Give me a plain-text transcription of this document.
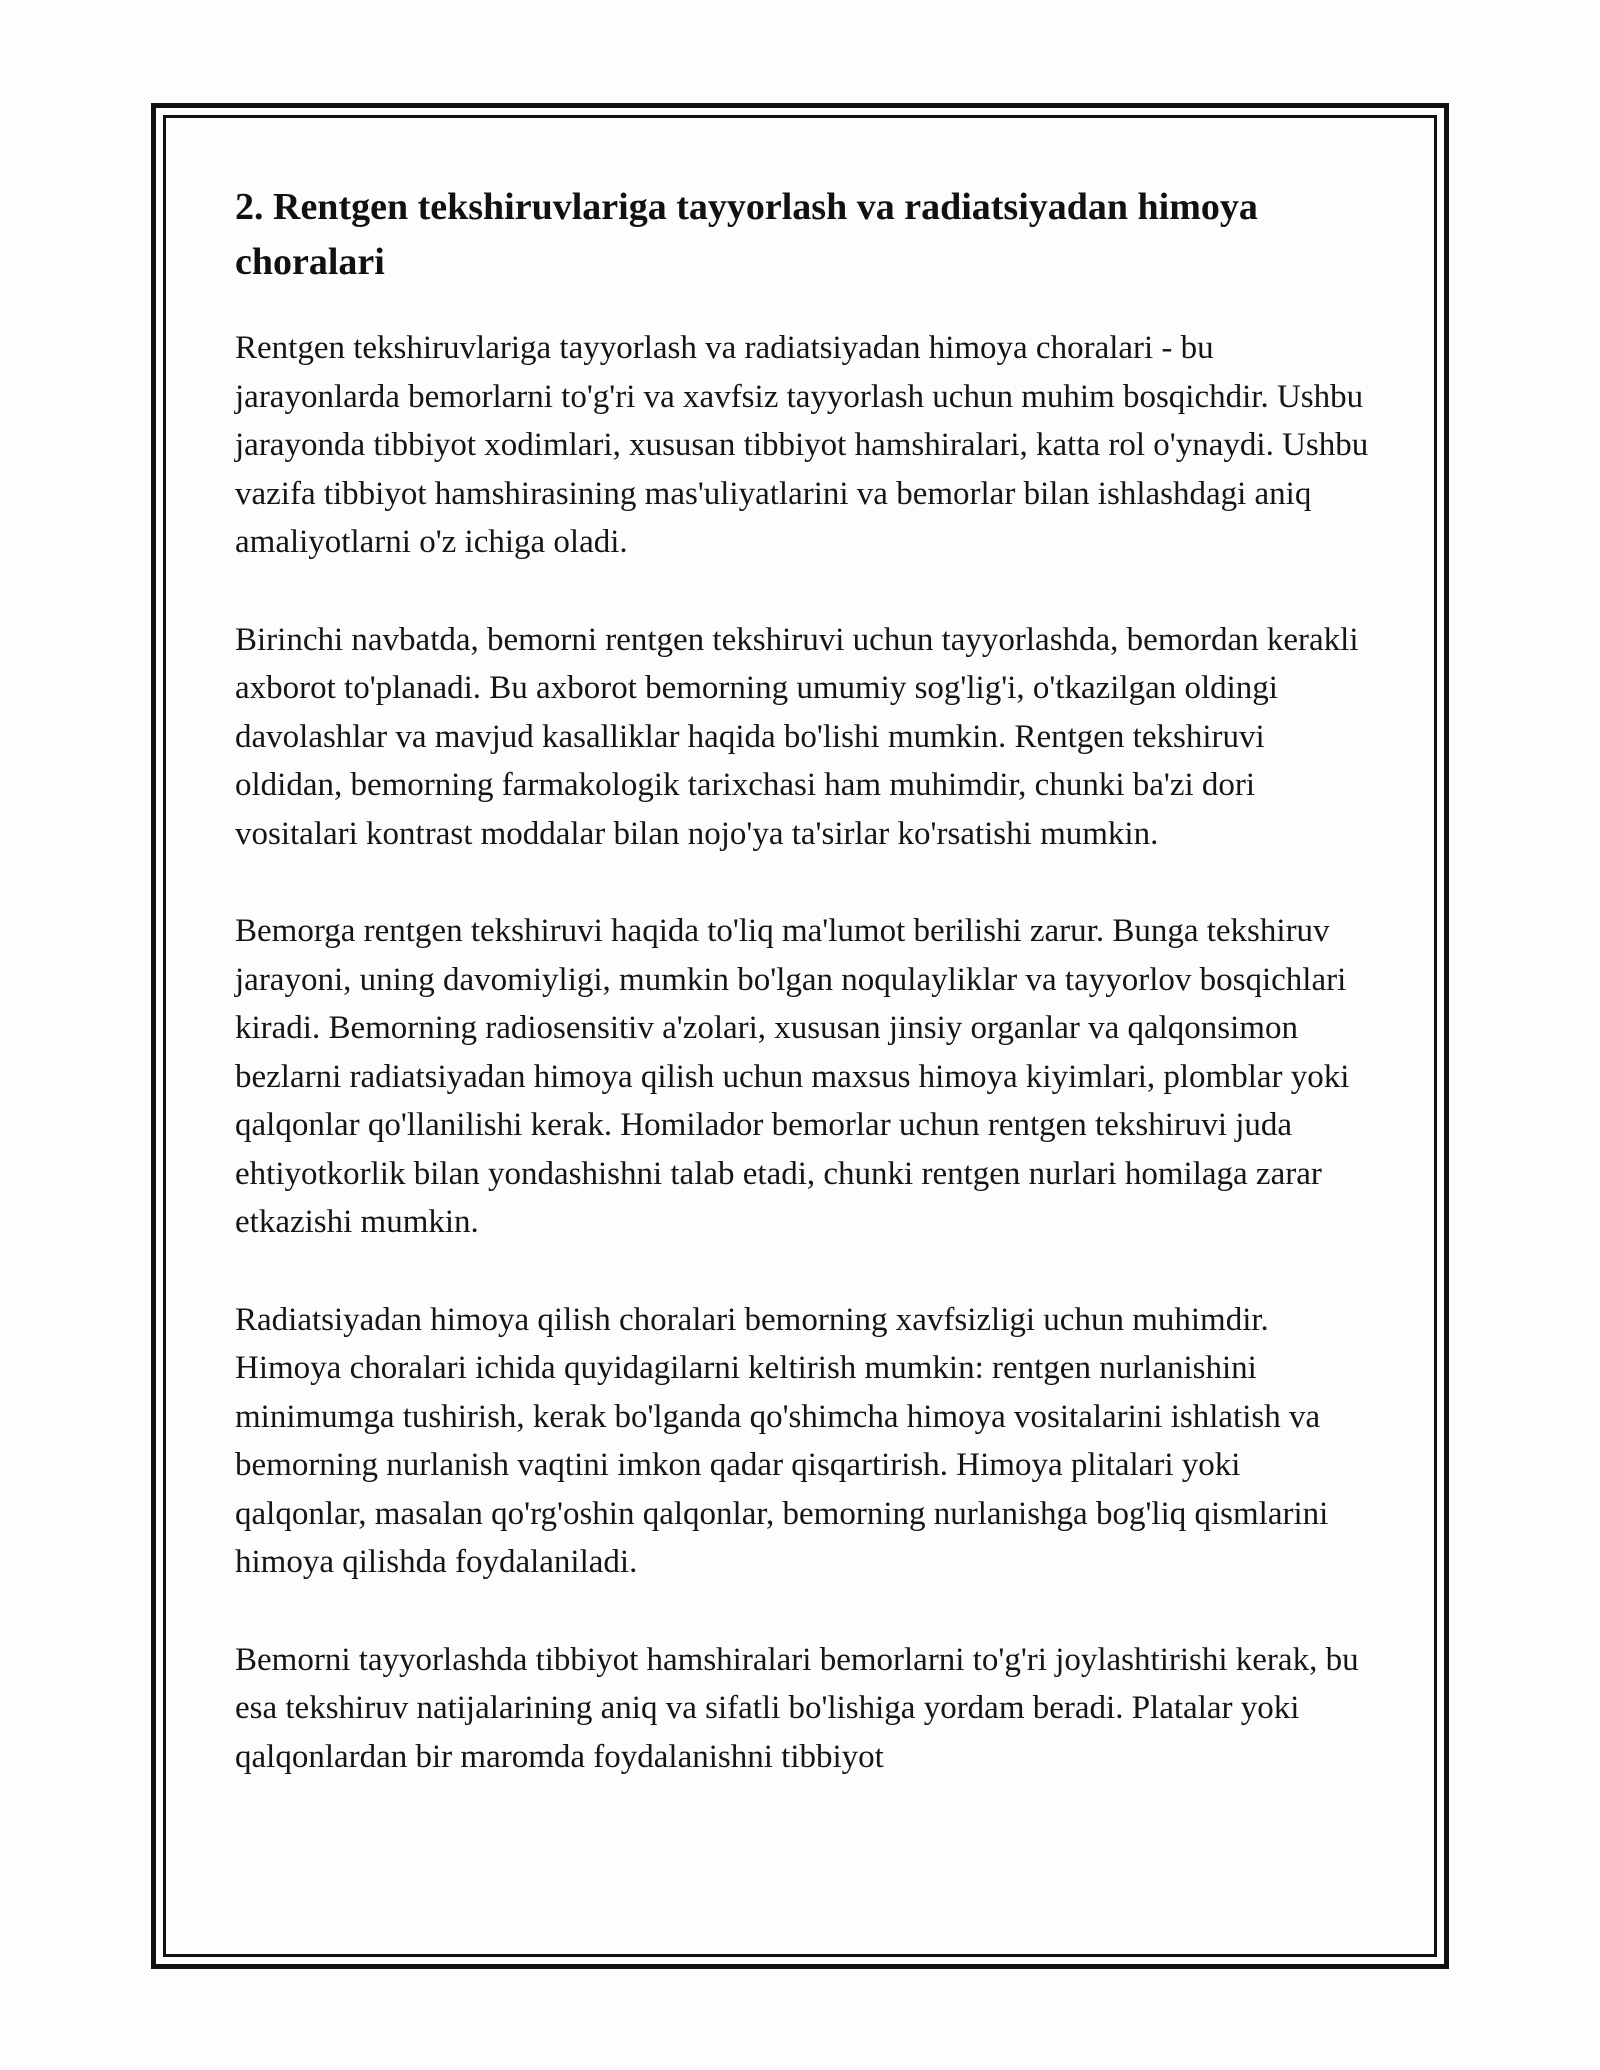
2. Rentgen tekshiruvlariga tayyorlash va radiatsiyadan himoya choralari

Rentgen tekshiruvlariga tayyorlash va radiatsiyadan himoya choralari - bu jarayonlarda bemorlarni to'g'ri va xavfsiz tayyorlash uchun muhim bosqichdir. Ushbu jarayonda tibbiyot xodimlari, xususan tibbiyot hamshiralari, katta rol o'ynaydi. Ushbu vazifa tibbiyot hamshirasining mas'uliyatlarini va bemorlar bilan ishlashdagi aniq amaliyotlarni o'z ichiga oladi.

Birinchi navbatda, bemorni rentgen tekshiruvi uchun tayyorlashda, bemordan kerakli axborot to'planadi. Bu axborot bemorning umumiy sog'lig'i, o'tkazilgan oldingi davolashlar va mavjud kasalliklar haqida bo'lishi mumkin. Rentgen tekshiruvi oldidan, bemorning farmakologik tarixchasi ham muhimdir, chunki ba'zi dori vositalari kontrast moddalar bilan nojo'ya ta'sirlar ko'rsatishi mumkin.

Bemorga rentgen tekshiruvi haqida to'liq ma'lumot berilishi zarur. Bunga tekshiruv jarayoni, uning davomiyligi, mumkin bo'lgan noqulayliklar va tayyorlov bosqichlari kiradi. Bemorning radiosensitiv a'zolari, xususan jinsiy organlar va qalqonsimon bezlarni radiatsiyadan himoya qilish uchun maxsus himoya kiyimlari, plomblar yoki qalqonlar qo'llanilishi kerak. Homilador bemorlar uchun rentgen tekshiruvi juda ehtiyotkorlik bilan yondashishni talab etadi, chunki rentgen nurlari homilaga zarar etkazishi mumkin.

Radiatsiyadan himoya qilish choralari bemorning xavfsizligi uchun muhimdir. Himoya choralari ichida quyidagilarni keltirish mumkin: rentgen nurlanishini minimumga tushirish, kerak bo'lganda qo'shimcha himoya vositalarini ishlatish va bemorning nurlanish vaqtini imkon qadar qisqartirish. Himoya plitalari yoki qalqonlar, masalan qo'rg'oshin qalqonlar, bemorning nurlanishga bog'liq qismlarini himoya qilishda foydalaniladi.

Bemorni tayyorlashda tibbiyot hamshiralari bemorlarni to'g'ri joylashtirishi kerak, bu esa tekshiruv natijalarining aniq va sifatli bo'lishiga yordam beradi. Platalar yoki qalqonlardan bir maromda foydalanishni tibbiyot
